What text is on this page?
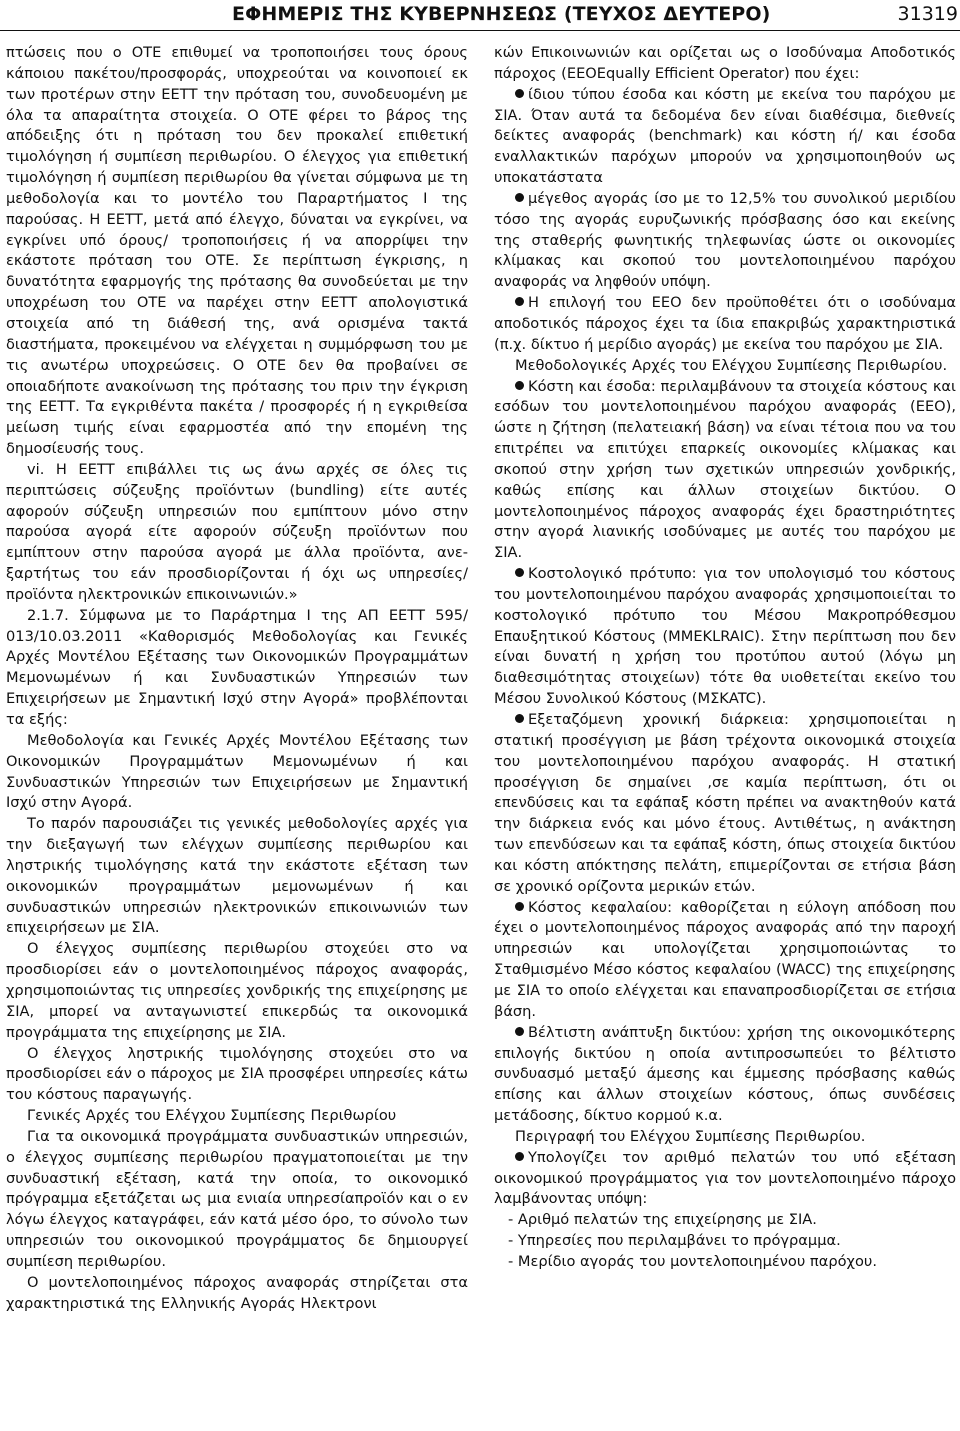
ΕΦΗΜΕΡΙΣ ΤΗΣ ΚΥΒΕΡΝΗΣΕΩΣ (ΤΕΥΧΟΣ ΔΕΥΤΕΡΟ)	31319

πτώσεις που ο ΟΤΕ επιθυμεί να τροποποιήσει τους όρους κάποιου πακέτου/προσφοράς, υποχρεούται να κοινοποιεί εκ των προτέρων στην ΕΕΤΤ την πρόταση του, συνοδευομένη με όλα τα απαραίτητα στοιχεία. Ο ΟΤΕ φέρει το βάρος της απόδειξης ότι η πρόταση του δεν προκαλεί επιθετική τιμολόγηση ή συμπίεση περιθωρίου. Ο έλεγχος για επιθετική τιμολόγηση ή συμπίεση περιθωρίου θα γίνεται σύμφωνα με τη μεθοδολογία και το μοντέλο του Παραρτήματος Ι της παρούσας. Η ΕΕΤΤ, μετά από έλεγχο, δύναται να εγκρίνει, να εγκρίνει υπό όρους/ τροποποιήσεις ή να απορρίψει την εκάστοτε πρόταση του ΟΤΕ. Σε περίπτωση έγκρισης, η δυνατότητα εφαρμογής της πρότασης θα συνοδεύεται με την υποχρέωση του ΟΤΕ να παρέχει στην ΕΕΤΤ απολογιστικά στοιχεία από τη διάθεσή της, ανά ορισμένα τακτά διαστήματα, προκειμένου να ελέγχεται η συμμόρφωση του με τις ανωτέρω υποχρεώσεις. Ο ΟΤΕ δεν θα προβαίνει σε οποιαδήποτε ανακοίνωση της πρότασης του πριν την έγκριση της ΕΕΤΤ. Τα εγκριθέντα πακέτα / προσφορές ή η εγκριθείσα μείωση τιμής είναι εφαρμοστέα από την επομένη της δημοσίευσής τους.

vi. Η ΕΕΤΤ επιβάλλει τις ως άνω αρχές σε όλες τις περιπτώσεις σύζευξης προϊόντων (bundling) είτε αυτές αφορούν σύζευξη υπηρεσιών που εμπίπτουν μόνο στην παρούσα αγορά είτε αφορούν σύζευξη προϊόντων που εμπίπτουν στην παρούσα αγορά με άλλα προϊόντα, ανεξαρτήτως του εάν προσδιορίζονται ή όχι ως υπηρεσίες/ προϊόντα ηλεκτρονικών επικοινωνιών.»

2.1.7. Σύμφωνα με το Παράρτημα Ι της ΑΠ ΕΕΤΤ 595/ 013/10.03.2011 «Καθορισμός Μεθοδολογίας και Γενικές Αρχές Μοντέλου Εξέτασης των Οικονομικών Προγραμμάτων Μεμονωμένων ή και Συνδυαστικών Υπηρεσιών των Επιχειρήσεων με Σημαντική Ισχύ στην Αγορά» προβλέπονται τα εξής:

Μεθοδολογία και Γενικές Αρχές Μοντέλου Εξέτασης των Οικονομικών Προγραμμάτων Μεμονωμένων ή και Συνδυαστικών Υπηρεσιών των Επιχειρήσεων με Σημαντική Ισχύ στην Αγορά.

Το παρόν παρουσιάζει τις γενικές μεθοδολογίες αρχές για την διεξαγωγή των ελέγχων συμπίεσης περιθωρίου και ληστρικής τιμολόγησης κατά την εκάστοτε εξέταση των οικονομικών προγραμμάτων μεμονωμένων ή και συνδυαστικών υπηρεσιών ηλεκτρονικών επικοινωνιών των επιχειρήσεων με ΣΙΑ.

Ο έλεγχος συμπίεσης περιθωρίου στοχεύει στο να προσδιορίσει εάν ο μοντελοποιημένος πάροχος αναφοράς, χρησιμοποιώντας τις υπηρεσίες χονδρικής της επιχείρησης με ΣΙΑ, μπορεί να ανταγωνιστεί επικερδώς τα οικονομικά προγράμματα της επιχείρησης με ΣΙΑ.

Ο έλεγχος ληστρικής τιμολόγησης στοχεύει στο να προσδιορίσει εάν ο πάροχος με ΣΙΑ προσφέρει υπηρεσίες κάτω του κόστους παραγωγής.

Γενικές Αρχές του Ελέγχου Συμπίεσης Περιθωρίου

Για τα οικονομικά προγράμματα συνδυαστικών υπηρεσιών, ο έλεγχος συμπίεσης περιθωρίου πραγματοποιείται με την συνδυαστική εξέταση, κατά την οποία, το οικονομικό πρόγραμμα εξετάζεται ως μια ενιαία υπηρεσίαπροϊόν και ο εν λόγω έλεγχος καταγράφει, εάν κατά μέσο όρο, το σύνολο των υπηρεσιών του οικονομικού προγράμματος δε δημιουργεί συμπίεση περιθωρίου.

Ο μοντελοποιημένος πάροχος αναφοράς στηρίζεται στα χαρακτηριστικά της Ελληνικής Αγοράς Ηλεκτρονι

κών Επικοινωνιών και ορίζεται ως ο Ισοδύναμα Αποδοτικός πάροχος (ΕΕΟEqually Efficient Operator) που έχει:

ίδιου τύπου έσοδα και κόστη με εκείνα του παρόχου με ΣΙΑ. Όταν αυτά τα δεδομένα δεν είναι διαθέσιμα, διεθνείς δείκτες αναφοράς (benchmark) και κόστη ή/ και έσοδα εναλλακτικών παρόχων μπορούν να χρησιμοποιηθούν ως υποκατάστατα

μέγεθος αγοράς ίσο με το 12,5% του συνολικού μεριδίου τόσο της αγοράς ευρυζωνικής πρόσβασης όσο και εκείνης της σταθερής φωνητικής τηλεφωνίας ώστε οι οικονομίες κλίμακας και σκοπού του μοντελοποιημένου παρόχου αναφοράς να ληφθούν υπόψη.

Η επιλογή του ΕΕΟ δεν προϋποθέτει ότι ο ισοδύναμα αποδοτικός πάροχος έχει τα ίδια επακριβώς χαρακτηριστικά (π.χ. δίκτυο ή μερίδιο αγοράς) με εκείνα του παρόχου με ΣΙΑ.

Μεθοδολογικές Αρχές του Ελέγχου Συμπίεσης Περιθωρίου.

Κόστη και έσοδα: περιλαμβάνουν τα στοιχεία κόστους και εσόδων του μοντελοποιημένου παρόχου αναφοράς (ΕΕΟ), ώστε η ζήτηση (πελατειακή βάση) να είναι τέτοια που να του επιτρέπει να επιτύχει επαρκείς οικονομίες κλίμακας και σκοπού στην χρήση των σχετικών υπηρεσιών χονδρικής, καθώς επίσης και άλλων στοιχείων δικτύου. Ο μοντελοποιημένος πάροχος αναφοράς έχει δραστηριότητες στην αγορά λιανικής ισοδύναμες με αυτές του παρόχου με ΣΙΑ.

Κοστολογικό πρότυπο: για τον υπολογισμό του κόστους του μοντελοποιημένου παρόχου αναφοράς χρησιμοποιείται το κοστολογικό πρότυπο του Μέσου Μακροπρόθεσμου Επαυξητικού Κόστους (ΜΜΕΚLRAIC). Στην περίπτωση που δεν είναι δυνατή η χρήση του προτύπου αυτού (λόγω μη διαθεσιμότητας στοιχείων) τότε θα υιοθετείται εκείνο του Μέσου Συνολικού Κόστους (ΜΣΚATC).

Εξεταζόμενη χρονική διάρκεια: χρησιμοποιείται η στατική προσέγγιση με βάση τρέχοντα οικονομικά στοιχεία του μοντελοποιημένου παρόχου αναφοράς. Η στατική προσέγγιση δε σημαίνει ,σε καμία περίπτωση, ότι οι επενδύσεις και τα εφάπαξ κόστη πρέπει να ανακτηθούν κατά την διάρκεια ενός και μόνο έτους. Αντιθέτως, η ανάκτηση των επενδύσεων και τα εφάπαξ κόστη, όπως στοιχεία δικτύου και κόστη απόκτησης πελάτη, επιμερίζονται σε ετήσια βάση σε χρονικό ορίζοντα μερικών ετών.

Κόστος κεφαλαίου: καθορίζεται η εύλογη απόδοση που έχει ο μοντελοποιημένος πάροχος αναφοράς από την παροχή υπηρεσιών και υπολογίζεται χρησιμοποιώντας το Σταθμισμένο Μέσο κόστος κεφαλαίου (WACC) της επιχείρησης με ΣΙΑ το οποίο ελέγχεται και επαναπροσδιορίζεται σε ετήσια βάση.

Βέλτιστη ανάπτυξη δικτύου: χρήση της οικονομικότερης επιλογής δικτύου η οποία αντιπροσωπεύει το βέλτιστο συνδυασμό μεταξύ άμεσης και έμμεσης πρόσβασης καθώς επίσης και άλλων στοιχείων κόστους, όπως συνδέσεις μετάδοσης, δίκτυο κορμού κ.α.

Περιγραφή του Ελέγχου Συμπίεσης Περιθωρίου.

Υπολογίζει τον αριθμό πελατών του υπό εξέταση οικονομικού προγράμματος για τον μοντελοποιημένο πάροχο λαμβάνοντας υπόψη:

- Αριθμό πελατών της επιχείρησης με ΣΙΑ.

- Υπηρεσίες που περιλαμβάνει το πρόγραμμα.

- Μερίδιο αγοράς του μοντελοποιημένου παρόχου.
